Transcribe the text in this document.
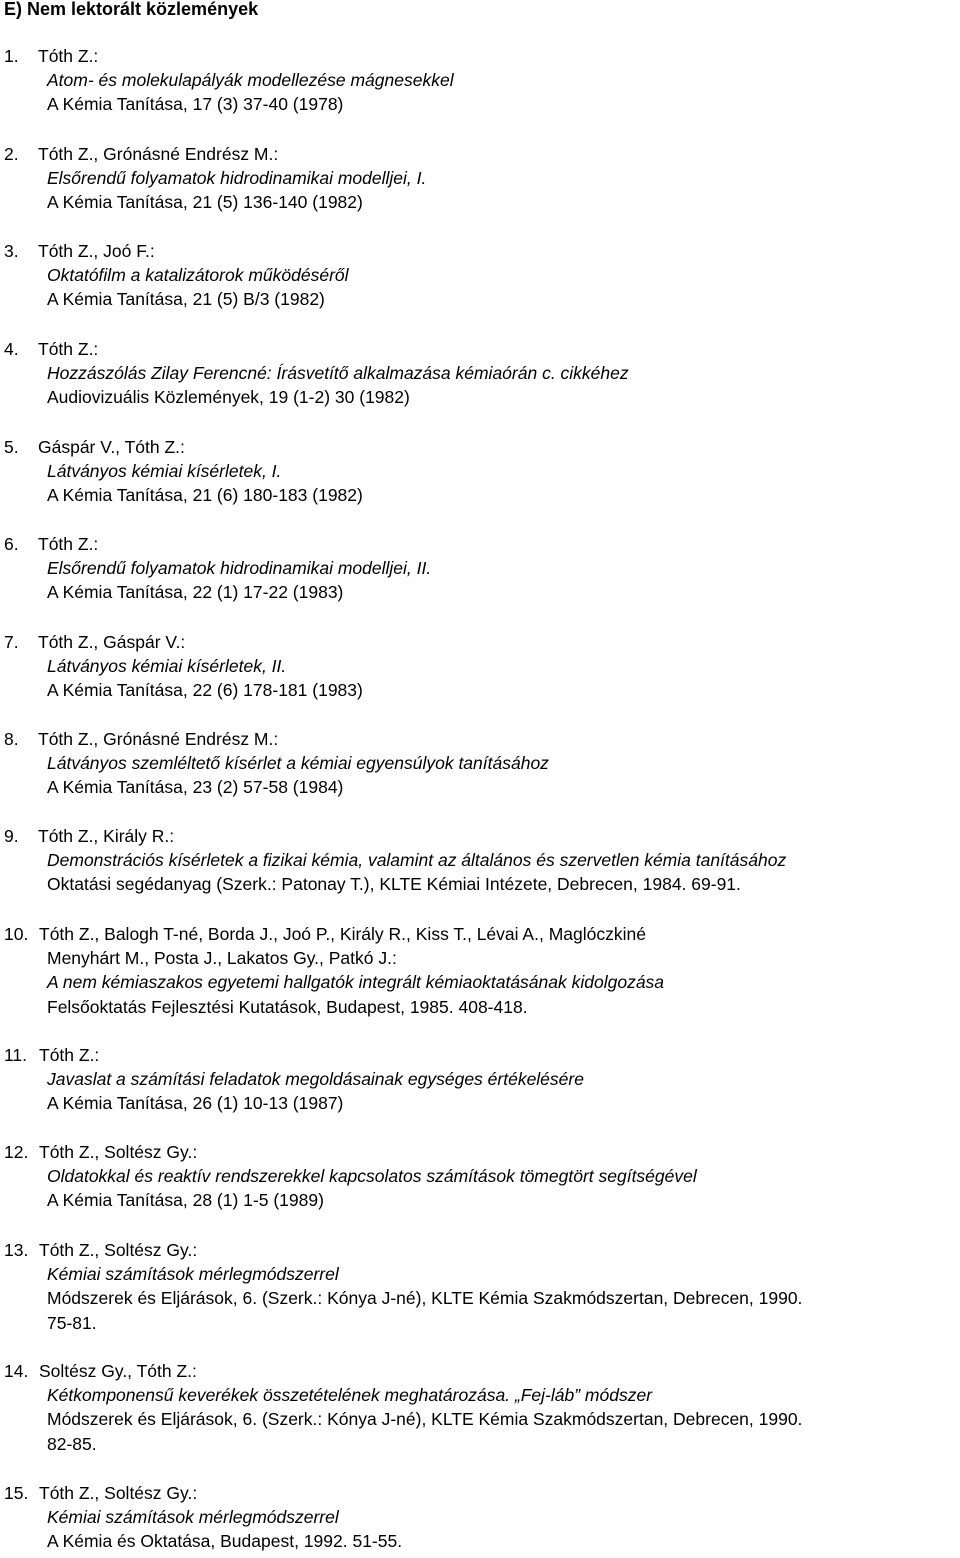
E) Nem lektorált közlemények
1. Tóth Z.:
Atom- és molekulapályák modellezése mágnesekkel
A Kémia Tanítása, 17 (3) 37-40 (1978)
2. Tóth Z., Grónásné Endrész M.:
Elsőrendű folyamatok hidrodinamikai modelljei, I.
A Kémia Tanítása, 21 (5) 136-140 (1982)
3. Tóth Z., Joó F.:
Oktatófilm a katalizátorok működéséről
A Kémia Tanítása, 21 (5) B/3 (1982)
4. Tóth Z.:
Hozzászólás Zilay Ferencné: Írásvetítő alkalmazása kémiaórán c. cikkéhez
Audiovizuális Közlemények, 19 (1-2) 30 (1982)
5. Gáspár V., Tóth Z.:
Látványos kémiai kísérletek, I.
A Kémia Tanítása, 21 (6) 180-183 (1982)
6. Tóth Z.:
Elsőrendű folyamatok hidrodinamikai modelljei, II.
A Kémia Tanítása, 22 (1) 17-22 (1983)
7. Tóth Z., Gáspár V.:
Látványos kémiai kísérletek, II.
A Kémia Tanítása, 22 (6) 178-181 (1983)
8. Tóth Z., Grónásné Endrész M.:
Látványos szemléltető kísérlet a kémiai egyensúlyok tanításához
A Kémia Tanítása, 23 (2) 57-58 (1984)
9. Tóth Z., Király R.:
Demonstrációs kísérletek a fizikai kémia, valamint az általános és szervetlen kémia tanításához
Oktatási segédanyag (Szerk.: Patonay T.), KLTE Kémiai Intézete, Debrecen, 1984. 69-91.
10. Tóth Z., Balogh T-né, Borda J., Joó P., Király R., Kiss T., Lévai A., Maglóczkiné
Menyhárt M., Posta J., Lakatos Gy., Patkó J.:
A nem kémiaszakos egyetemi hallgatók integrált kémiaoktatásának kidolgozása
Felsőoktatás Fejlesztési Kutatások, Budapest, 1985. 408-418.
11. Tóth Z.:
Javaslat a számítási feladatok megoldásainak egységes értékelésére
A Kémia Tanítása, 26 (1) 10-13 (1987)
12. Tóth Z., Soltész Gy.:
Oldatokkal és reaktív rendszerekkel kapcsolatos számítások tömegtört segítségével
A Kémia Tanítása, 28 (1) 1-5 (1989)
13. Tóth Z., Soltész Gy.:
Kémiai számítások mérlegmódszerrel
Módszerek és Eljárások, 6. (Szerk.: Kónya J-né), KLTE Kémia Szakmódszertan, Debrecen, 1990.
75-81.
14. Soltész Gy., Tóth Z.:
Kétkomponensű keverékek összetételének meghatározása. „Fej-láb” módszer
Módszerek és Eljárások, 6. (Szerk.: Kónya J-né), KLTE Kémia Szakmódszertan, Debrecen, 1990.
82-85.
15. Tóth Z., Soltész Gy.:
Kémiai számítások mérlegmódszerrel
A Kémia és Oktatása, Budapest, 1992. 51-55.
